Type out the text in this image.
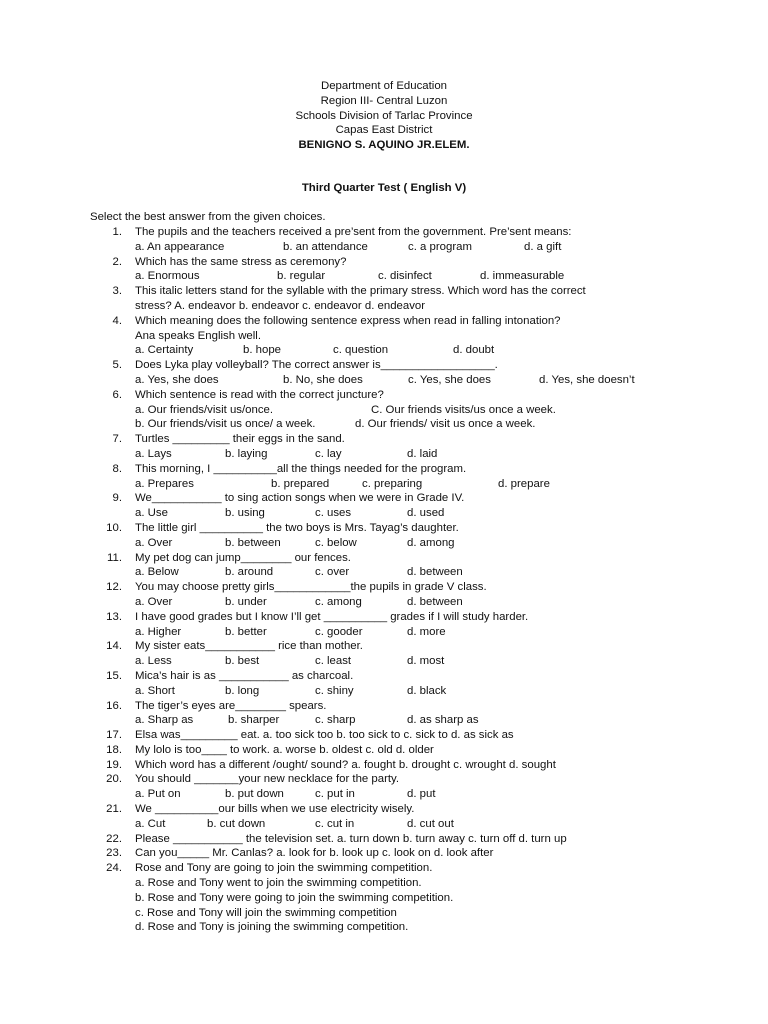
Department of Education
Region III- Central Luzon
Schools Division of Tarlac Province
Capas East District
BENIGNO S. AQUINO JR.ELEM.
Third Quarter Test ( English V)
Select the best answer from the given choices.
1. The pupils and the teachers received a pre’sent from the government. Pre’sent means:
a. An appearance	b. an attendance	c. a program	d. a gift
2. Which has the same stress as ceremony?
a. Enormous	b. regular	c. disinfect	d. immeasurable
3. This italic letters stand for the syllable with the primary stress. Which word has the correct
stress? A. endeavor b. endeavor c. endeavor d. endeavor
4. Which meaning does the following sentence express when read in falling intonation?
Ana speaks English well.
a. Certainty	b. hope	c. question	d. doubt
5. Does Lyka play volleyball? The correct answer is__________________.
a. Yes, she does	b. No, she does	c. Yes, she does	d. Yes, she doesn’t
6. Which sentence is read with the correct juncture?
a. Our friends/visit us/once.	C. Our friends visits/us once a week.
b. Our friends/visit us once/ a week.	d. Our friends/ visit us once a week.
7. Turtles _________ their eggs in the sand.
a. Lays	b. laying	c. lay	d. laid
8. This morning, I __________all the things needed for the program.
a. Prepares	b. prepared	c. preparing	d. prepare
9. We___________ to sing action songs when we were in Grade IV.
a. Use	b. using	c. uses	d. used
10. The little girl __________ the two boys is Mrs. Tayag’s daughter.
a. Over	b. between	c. below	d. among
11. My pet dog can jump________ our fences.
a. Below	b. around	c. over	d. between
12. You may choose pretty girls____________the pupils in grade V class.
a. Over	b. under	c. among	d. between
13. I have good grades but I know I’ll get __________ grades if I will study harder.
a. Higher	b. better	c. gooder	d. more
14. My sister eats___________ rice than mother.
a. Less	b. best	c. least	d. most
15. Mica’s hair is as ___________ as charcoal.
a. Short	b. long	c. shiny	d. black
16. The tiger’s eyes are________ spears.
a. Sharp as	b. sharper	c. sharp	d. as sharp as
17. Elsa was_________ eat. a. too sick too b. too sick to c. sick to d. as sick as
18. My lolo is too____ to work. a. worse b. oldest c. old d. older
19. Which word has a different /ought/ sound? a. fought b. drought c. wrought d. sought
20. You should _______your new necklace for the party.
a. Put on	b. put down	c. put in	d. put
21. We __________our bills when we use electricity wisely.
a. Cut	b. cut down	c. cut in	d. cut out
22. Please ___________ the television set. a. turn down b. turn away c. turn off d. turn up
23. Can you_____ Mr. Canlas? a. look for b. look up c. look on d. look after
24. Rose and Tony are going to join the swimming competition.
a. Rose and Tony went to join the swimming competition.
b. Rose and Tony were going to join the swimming competition.
c. Rose and Tony will join the swimming competition
d. Rose and Tony is joining the swimming competition.
